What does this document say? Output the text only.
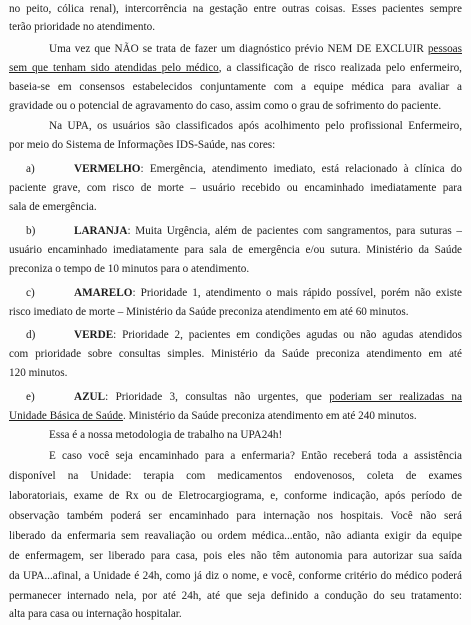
no peito, cólica renal), intercorrência na gestação entre outras coisas. Esses pacientes sempre
terão prioridade no atendimento.
Uma vez que NÃO se trata de fazer um diagnóstico prévio NEM DE EXCLUIR pessoas
sem que tenham sido atendidas pelo médico, a classificação de risco realizada pelo enfermeiro,
baseia-se em consensos estabelecidos conjuntamente com a equipe médica para avaliar a
gravidade ou o potencial de agravamento do caso, assim como o grau de sofrimento do paciente.
Na UPA, os usuários são classificados após acolhimento pelo profissional Enfermeiro,
por meio do Sistema de Informações IDS-Saúde, nas cores:
a)	VERMELHO: Emergência, atendimento imediato, está relacionado à clínica do
paciente grave, com risco de morte – usuário recebido ou encaminhado imediatamente para
sala de emergência.
b)	LARANJA: Muita Urgência, além de pacientes com sangramentos, para suturas –
usuário encaminhado imediatamente para sala de emergência e/ou sutura. Ministério da Saúde
preconiza o tempo de 10 minutos para o atendimento.
c)	AMARELO: Prioridade 1, atendimento o mais rápido possível, porém não existe
risco imediato de morte – Ministério da Saúde preconiza atendimento em até 60 minutos.
d)	VERDE: Prioridade 2, pacientes em condições agudas ou não agudas atendidos
com prioridade sobre consultas simples. Ministério da Saúde preconiza atendimento em até
120 minutos.
e)	AZUL: Prioridade 3, consultas não urgentes, que poderiam ser realizadas na
Unidade Básica de Saúde. Ministério da Saúde preconiza atendimento em até 240 minutos.
Essa é a nossa metodologia de trabalho na UPA24h!
E caso você seja encaminhado para a enfermaria? Então receberá toda a assistência
disponível na Unidade: terapia com medicamentos endovenosos, coleta de exames
laboratoriais, exame de Rx ou de Eletrocargiograma, e, conforme indicação, após período de
observação também poderá ser encaminhado para internação nos hospitais. Você não será
liberado da enfermaria sem reavaliação ou ordem médica...então, não adianta exigir da equipe
de enfermagem, ser liberado para casa, pois eles não têm autonomia para autorizar sua saída
da UPA...afinal, a Unidade é 24h, como já diz o nome, e você, conforme critério do médico poderá
permanecer internado nela, por até 24h, até que seja definido a condução do seu tratamento:
alta para casa ou internação hospitalar.
